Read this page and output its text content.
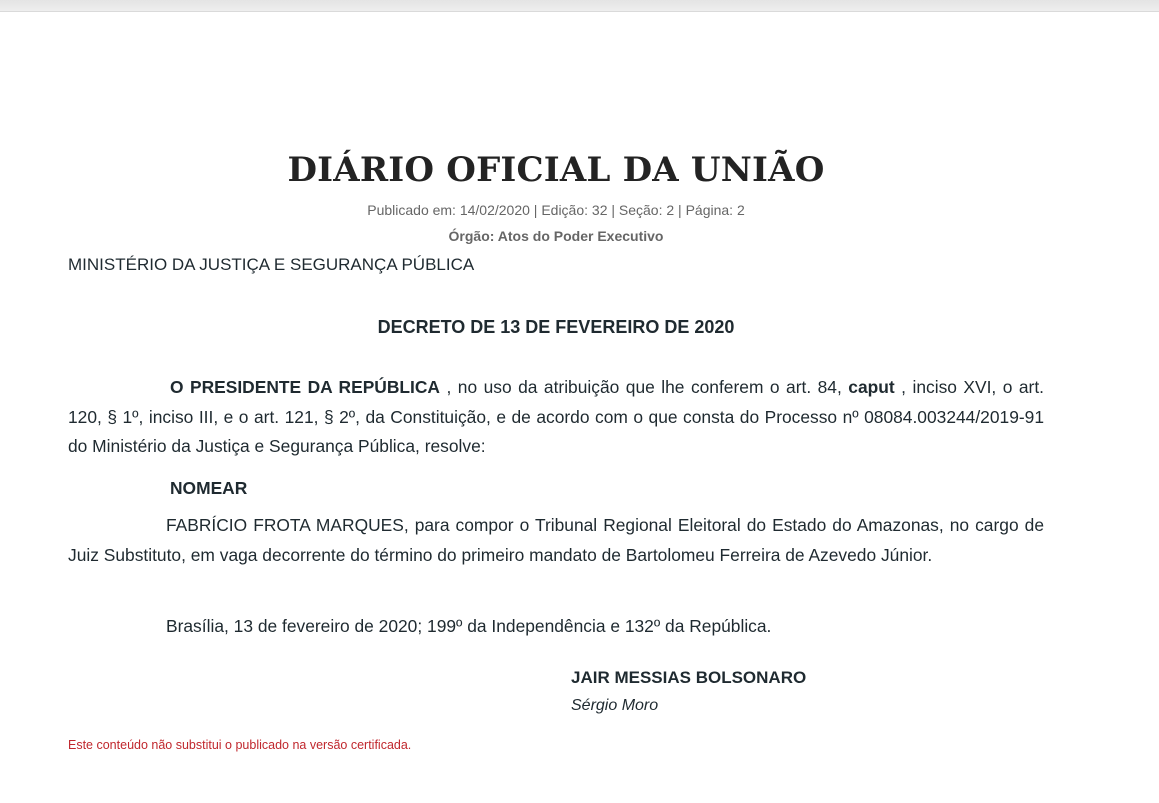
DIÁRIO OFICIAL DA UNIÃO
Publicado em: 14/02/2020 | Edição: 32 | Seção: 2 | Página: 2
Órgão: Atos do Poder Executivo
MINISTÉRIO DA JUSTIÇA E SEGURANÇA PÚBLICA
DECRETO DE 13 DE FEVEREIRO DE 2020

O PRESIDENTE DA REPÚBLICA , no uso da atribuição que lhe conferem o art. 84, caput , inciso XVI, o art. 120, § 1º, inciso III, e o art. 121, § 2º, da Constituição, e de acordo com o que consta do Processo nº 08084.003244/2019-91 do Ministério da Justiça e Segurança Pública, resolve:

NOMEAR

FABRÍCIO FROTA MARQUES, para compor o Tribunal Regional Eleitoral do Estado do Amazonas, no cargo de Juiz Substituto, em vaga decorrente do término do primeiro mandato de Bartolomeu Ferreira de Azevedo Júnior.

Brasília, 13 de fevereiro de 2020; 199º da Independência e 132º da República.

JAIR MESSIAS BOLSONARO
Sérgio Moro
Este conteúdo não substitui o publicado na versão certificada.
